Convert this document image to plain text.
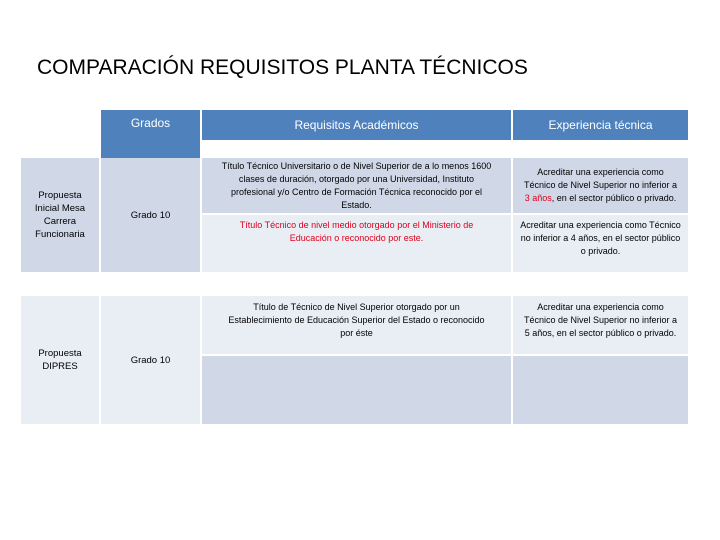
COMPARACIÓN REQUISITOS PLANTA TÉCNICOS
Grados	Requisitos Académicos	Experiencia técnica
Propuesta Inicial Mesa Carrera Funcionaria
Grado 10
Título Técnico Universitario o de Nivel Superior de a lo menos 1600 clases de duración, otorgado por una Universidad, Instituto profesional y/o Centro de Formación Técnica reconocido por el Estado.
Acreditar una experiencia como Técnico de Nivel Superior no inferior a 3 años, en el sector público o privado.
Título Técnico de nivel medio otorgado por el Ministerio de Educación o reconocido por este.
Acreditar una experiencia como Técnico no inferior a 4 años, en el sector público o privado.
Propuesta DIPRES
Grado 10
Título de Técnico de Nivel Superior otorgado por un Establecimiento de Educación Superior del Estado o reconocido por éste
Acreditar una experiencia como Técnico de Nivel Superior no inferior a 5 años, en el sector público o privado.
